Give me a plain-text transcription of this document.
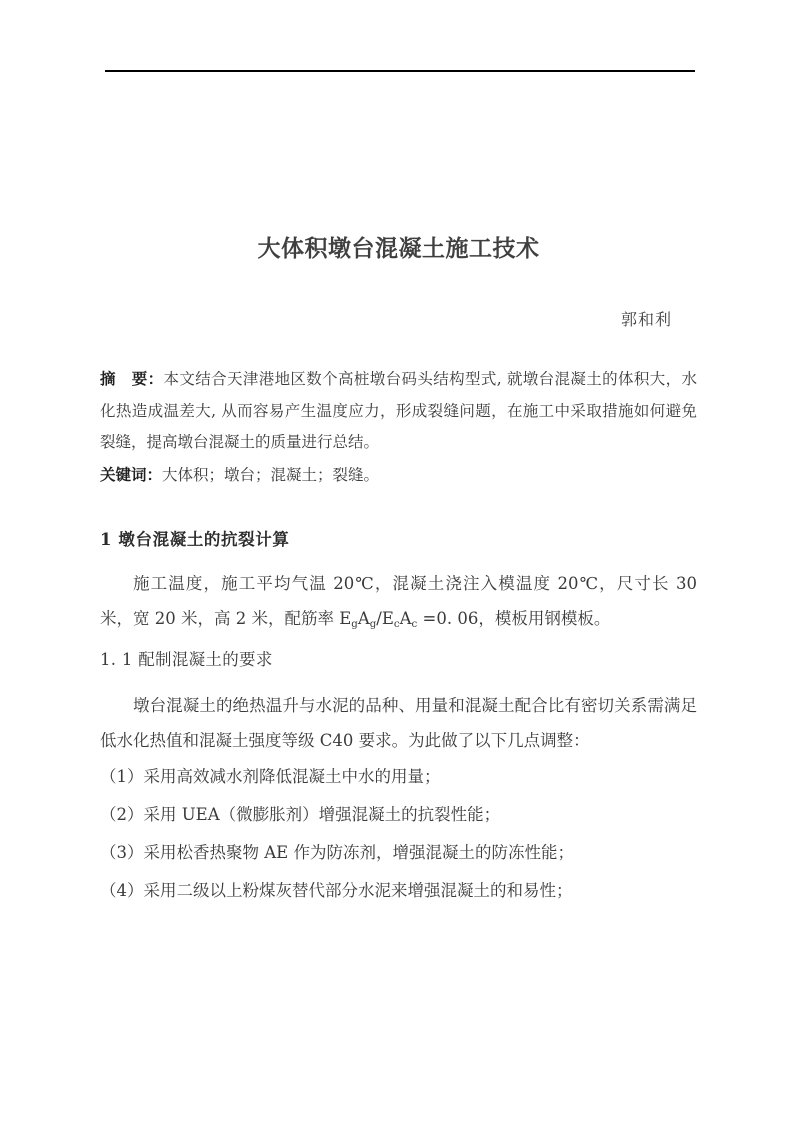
大体积墩台混凝土施工技术
郭和利
摘　要：本文结合天津港地区数个高桩墩台码头结构型式, 就墩台混凝土的体积大，水化热造成温差大, 从而容易产生温度应力，形成裂缝问题，在施工中采取措施如何避免裂缝，提高墩台混凝土的质量进行总结。
关键词：大体积；墩台；混凝土；裂缝。
1 墩台混凝土的抗裂计算
施工温度，施工平均气温 20℃，混凝土浇注入模温度 20℃，尺寸长 30 米，宽 20 米，高 2 米，配筋率 $E_gA_g/E_cA_c =0$. 06，模板用钢模板。
1. 1 配制混凝土的要求
墩台混凝土的绝热温升与水泥的品种、用量和混凝土配合比有密切关系需满足低水化热值和混凝土强度等级 C40 要求。为此做了以下几点调整：
（1）采用高效减水剂降低混凝土中水的用量；
（2）采用 UEA（微膨胀剂）增强混凝土的抗裂性能；
（3）采用松香热聚物 AE 作为防冻剂，增强混凝土的防冻性能；
（4）采用二级以上粉煤灰替代部分水泥来增强混凝土的和易性；
